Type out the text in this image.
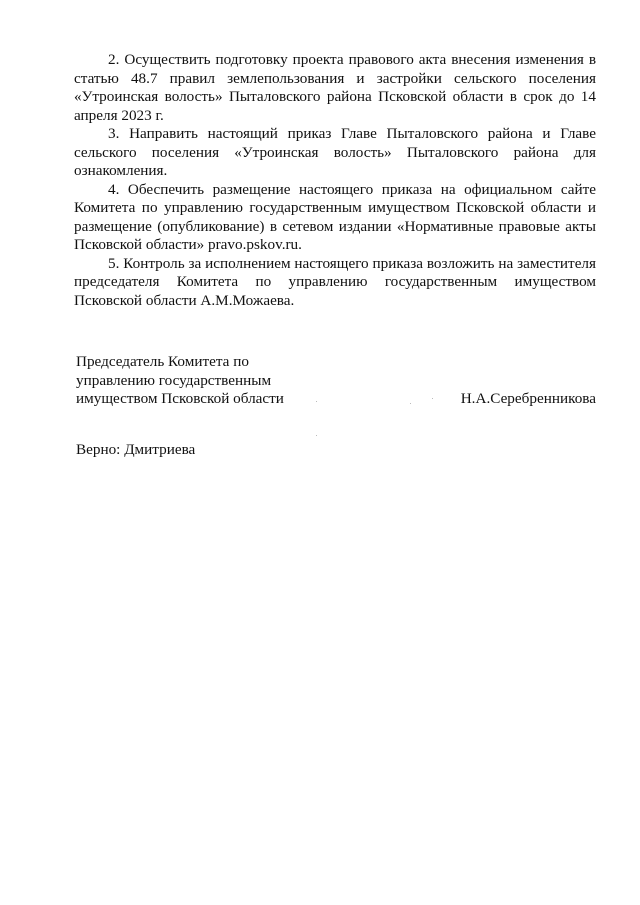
2. Осуществить подготовку проекта правового акта внесения изменения в статью 48.7 правил землепользования и застройки сельского поселения «Утроинская волость» Пыталовского района Псковской области в срок до 14 апреля 2023 г.

3. Направить настоящий приказ Главе Пыталовского района и Главе сельского поселения «Утроинская волость» Пыталовского района для ознакомления.

4. Обеспечить размещение настоящего приказа на официальном сайте Комитета по управлению государственным имуществом Псковской области и размещение (опубликование) в сетевом издании «Нормативные правовые акты Псковской области» pravo.pskov.ru.

5. Контроль за исполнением настоящего приказа возложить на заместителя председателя Комитета по управлению государственным имуществом Псковской области А.М.Можаева.

Председатель Комитета по
управлению государственным
имуществом Псковской области	Н.А.Серебренникова

Верно: Дмитриева
